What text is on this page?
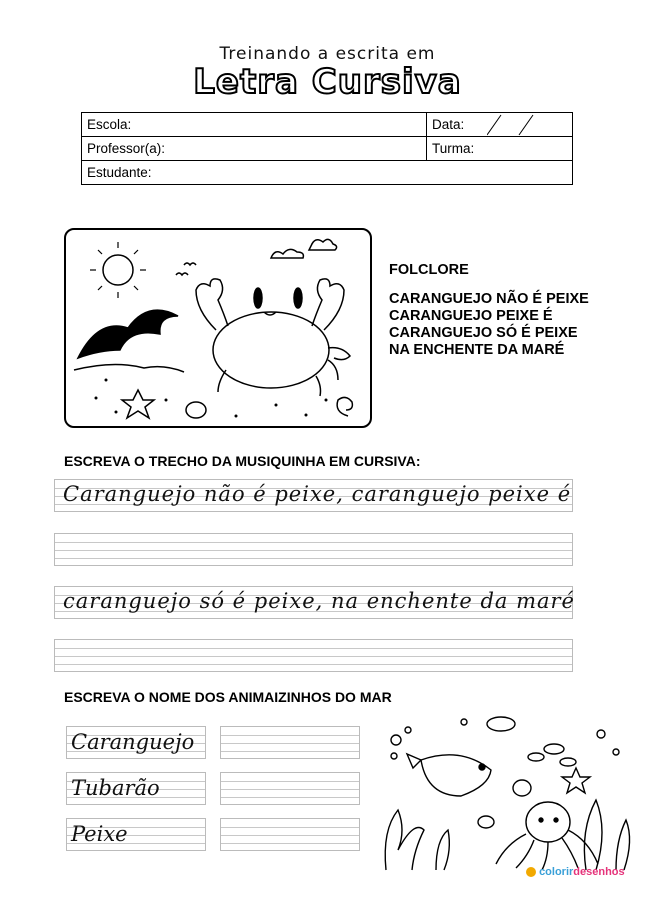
Treinando a escrita em
Letra Cursiva
Escola:	Data:

Professor(a):	Turma:
Estudante:	
FOLCLORE
CARANGUEJO NÃO É PEIXE
CARANGUEJO PEIXE É
CARANGUEJO SÓ É PEIXE
NA ENCHENTE DA MARÉ
ESCREVA O TRECHO DA MUSIQUINHA EM CURSIVA:
Caranguejo não é peixe, caranguejo peixe é
caranguejo só é peixe, na enchente da maré
ESCREVA O NOME DOS ANIMAIZINHOS DO MAR
Caranguejo
Tubarão
Peixe
colorirdesenhos
